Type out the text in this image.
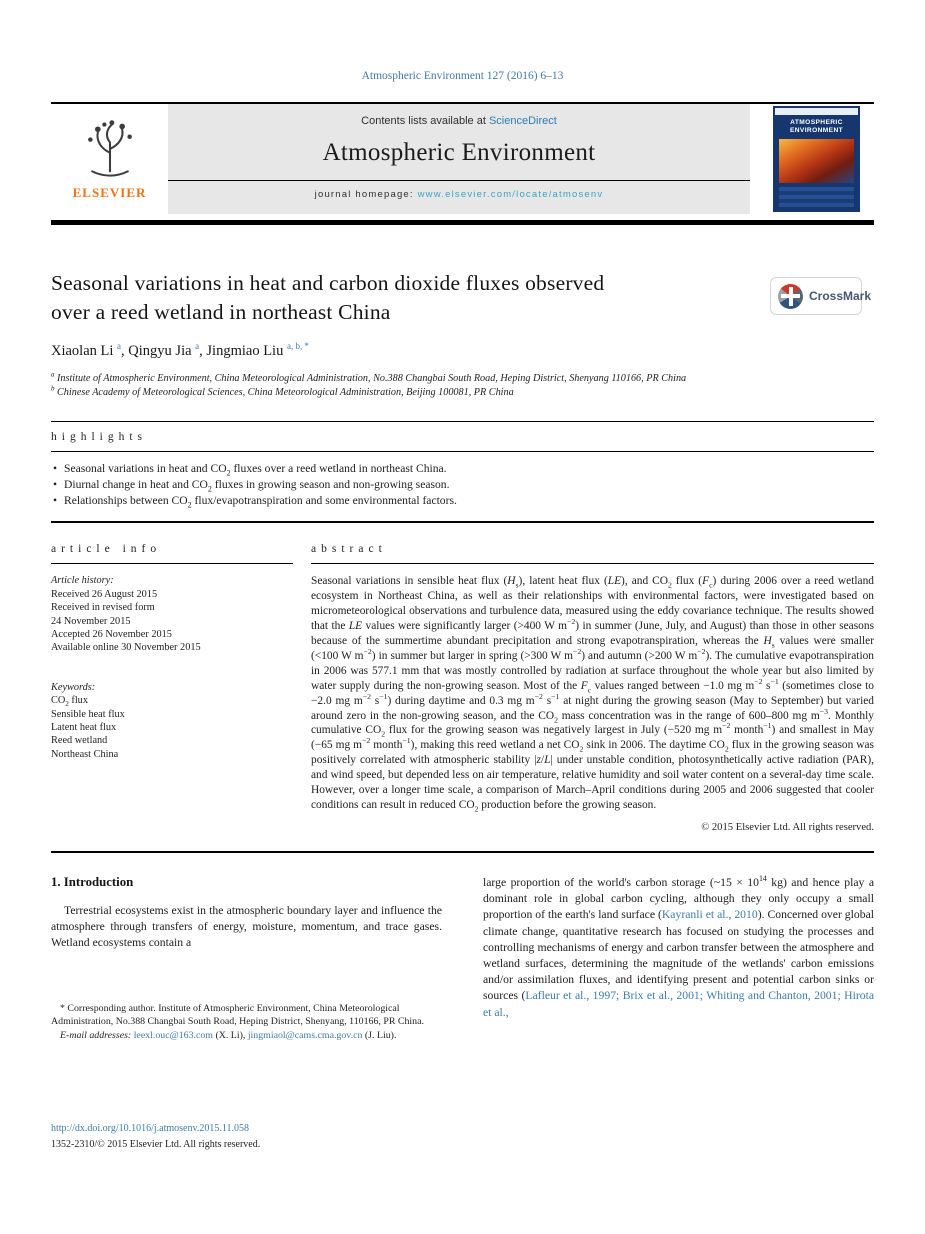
Atmospheric Environment 127 (2016) 6–13
ELSEVIER
Contents lists available at ScienceDirect
Atmospheric Environment
journal homepage: www.elsevier.com/locate/atmosenv
ATMOSPHERIC
ENVIRONMENT
Seasonal variations in heat and carbon dioxide fluxes observed
over a reed wetland in northeast China
CrossMark
Xiaolan Li $^a$, Qingyu Jia $^a$, Jingmiao Liu $^{a, b, *}$
$^a$ Institute of Atmospheric Environment, China Meteorological Administration, No.388 Changbai South Road, Heping District, Shenyang 110166, PR China
$^b$ Chinese Academy of Meteorological Sciences, China Meteorological Administration, Beijing 100081, PR China
highlights
• Seasonal variations in heat and $CO_2$ fluxes over a reed wetland in northeast China.
• Diurnal change in heat and $CO_2$ fluxes in growing season and non-growing season.
• Relationships between $CO_2$ flux/evapotranspiration and some environmental factors.
article info
Article history:
Received 26 August 2015
Received in revised form
24 November 2015
Accepted 26 November 2015
Available online 30 November 2015
Keywords:
$CO_2$ flux
Sensible heat flux
Latent heat flux
Reed wetland
Northeast China
abstract
Seasonal variations in sensible heat flux $(H_s)$, latent heat flux (LE), and $CO_2$ flux $(F_c)$ during 2006 over a reed wetland ecosystem in Northeast China, as well as their relationships with environmental factors, were investigated based on micrometeorological observations and turbulence data, measured using the eddy covariance technique. The results showed that the LE values were significantly larger (>400 W $m^{-2}$) in summer (June, July, and August) than those in other seasons because of the summertime abundant precipitation and strong evapotranspiration, whereas the $H_s$ values were smaller (<100 W $m^{-2}$) in summer but larger in spring (>300 W $m^{-2}$) and autumn (>200 W $m^{-2}$). The cumulative evapotranspiration in 2006 was 577.1 mm that was mostly controlled by radiation at surface throughout the whole year but also limited by water supply during the non-growing season. Most of the $F_c$ values ranged between −1.0 mg $m^{-2}$ $s^{-1}$ (sometimes close to −2.0 mg $m^{-2}$ $s^{-1}$) during daytime and 0.3 mg $m^{-2}$ $s^{-1}$ at night during the growing season (May to September) but varied around zero in the non-growing season, and the $CO_2$ mass concentration was in the range of 600–800 mg $m^{-3}$. Monthly cumulative $CO_2$ flux for the growing season was negatively largest in July (−520 mg $m^{-2}$ month$^{-1}$) and smallest in May (−65 mg $m^{-2}$ month$^{-1}$), making this reed wetland a net $CO_2$ sink in 2006. The daytime $CO_2$ flux in the growing season was positively correlated with atmospheric stability |z/L| under unstable condition, photosynthetically active radiation (PAR), and wind speed, but depended less on air temperature, relative humidity and soil water content on a several-day time scale. However, over a longer time scale, a comparison of March–April conditions during 2005 and 2006 suggested that cooler conditions can result in reduced $CO_2$ production before the growing season.
© 2015 Elsevier Ltd. All rights reserved.
1. Introduction
Terrestrial ecosystems exist in the atmospheric boundary layer and influence the atmosphere through transfers of energy, moisture, momentum, and trace gases. Wetland ecosystems contain a
* Corresponding author. Institute of Atmospheric Environment, China Meteorological Administration, No.388 Changbai South Road, Heping District, Shenyang, 110166, PR China.
E-mail addresses: leexl.ouc@163.com (X. Li), jingmiaol@cams.cma.gov.cn (J. Liu).
large proportion of the world's carbon storage (~15 × $10^{14}$ kg) and hence play a dominant role in global carbon cycling, although they only occupy a small proportion of the earth's land surface (Kayranli et al., 2010). Concerned over global climate change, quantitative research has focused on studying the processes and controlling mechanisms of energy and carbon transfer between the atmosphere and wetland surfaces, determining the magnitude of the wetlands' carbon emissions and/or assimilation fluxes, and identifying present and potential carbon sinks or sources (Lafleur et al., 1997; Brix et al., 2001; Whiting and Chanton, 2001; Hirota et al.,
http://dx.doi.org/10.1016/j.atmosenv.2015.11.058
1352-2310/© 2015 Elsevier Ltd. All rights reserved.
